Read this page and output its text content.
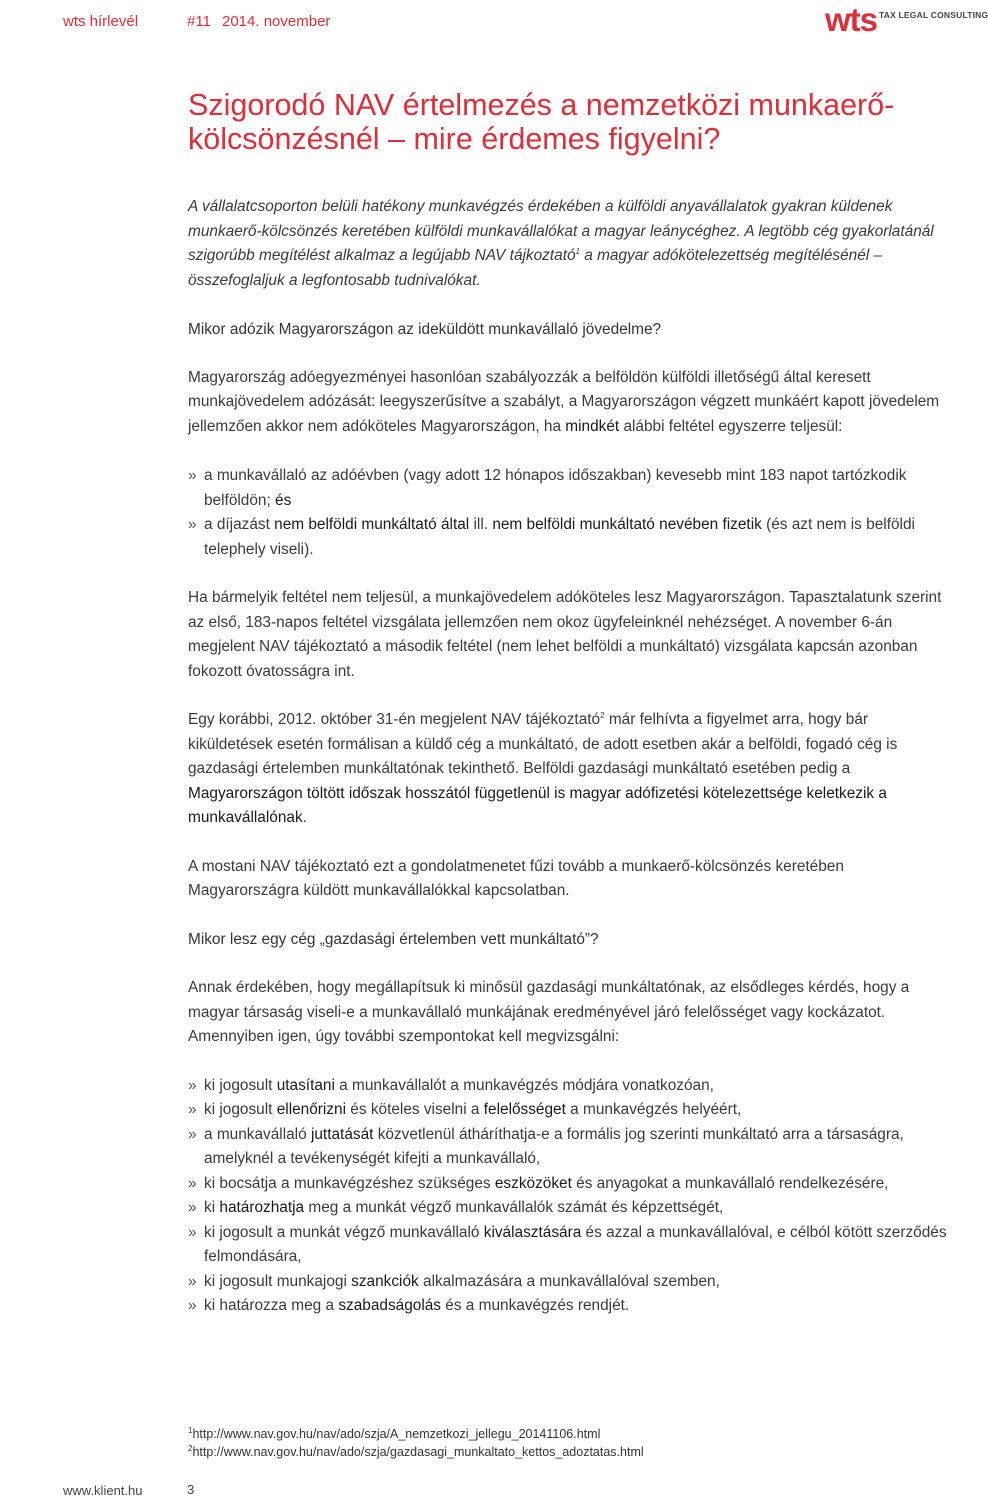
wts hírlevél	#11 2014. november	wts TAX LEGAL CONSULTING
Szigorodó NAV értelmezés a nemzetközi munkaerő-kölcsönzésnél – mire érdemes figyelni?

A vállalatcsoporton belüli hatékony munkavégzés érdekében a külföldi anyavállalatok gyakran küldenek munkaerő-kölcsönzés keretében külföldi munkavállalókat a magyar leánycéghez. A legtöbb cég gyakorlatánál szigorúbb megítélést alkalmaz a legújabb NAV tájkoztató$^1$ a magyar adókötelezettség megítélésénél – összefoglaljuk a legfontosabb tudnivalókat.

Mikor adózik Magyarországon az ideküldött munkavállaló jövedelme?

Magyarország adóegyezményei hasonlóan szabályozzák a belföldön külföldi illetőségű által keresett munkajövedelem adózását: leegyszerűsítve a szabályt, a Magyarországon végzett munkáért kapott jövedelem jellemzően akkor nem adóköteles Magyarországon, ha mindkét alábbi feltétel egyszerre teljesül:

» a munkavállaló az adóévben (vagy adott 12 hónapos időszakban) kevesebb mint 183 napot tartózkodik belföldön; és
» a díjazást nem belföldi munkáltató által ill. nem belföldi munkáltató nevében fizetik (és azt nem is belföldi telephely viseli).

Ha bármelyik feltétel nem teljesül, a munkajövedelem adóköteles lesz Magyarországon. Tapasztalatunk szerint az első, 183-napos feltétel vizsgálata jellemzően nem okoz ügyfeleinknél nehézséget. A november 6-án megjelent NAV tájékoztató a második feltétel (nem lehet belföldi a munkáltató) vizsgálata kapcsán azonban fokozott óvatosságra int.

Egy korábbi, 2012. október 31-én megjelent NAV tájékoztató$^2$ már felhívta a figyelmet arra, hogy bár kiküldetések esetén formálisan a küldő cég a munkáltató, de adott esetben akár a belföldi, fogadó cég is gazdasági értelemben munkáltatónak tekinthető. Belföldi gazdasági munkáltató esetében pedig a Magyarországon töltött időszak hosszától függetlenül is magyar adófizetési kötelezettsége keletkezik a munkavállalónak.

A mostani NAV tájékoztató ezt a gondolatmenetet fűzi tovább a munkaerő-kölcsönzés keretében Magyarországra küldött munkavállalókkal kapcsolatban.

Mikor lesz egy cég „gazdasági értelemben vett munkáltató”?

Annak érdekében, hogy megállapítsuk ki minősül gazdasági munkáltatónak, az elsődleges kérdés, hogy a magyar társaság viseli-e a munkavállaló munkájának eredményével járó felelősséget vagy kockázatot. Amennyiben igen, úgy további szempontokat kell megvizsgálni:

» ki jogosult utasítani a munkavállalót a munkavégzés módjára vonatkozóan,
» ki jogosult ellenőrizni és köteles viselni a felelősséget a munkavégzés helyéért,
» a munkavállaló juttatását közvetlenül átháríthatja-e a formális jog szerinti munkáltató arra a társaságra, amelyknél a tevékenységét kifejti a munkavállaló,
» ki bocsátja a munkavégzéshez szükséges eszközöket és anyagokat a munkavállaló rendelkezésére,
» ki határozhatja meg a munkát végző munkavállalók számát és képzettségét,
» ki jogosult a munkát végző munkavállaló kiválasztására és azzal a munkavállalóval, e célból kötött szerződés felmondására,
» ki jogosult munkajogi szankciók alkalmazására a munkavállalóval szemben,
» ki határozza meg a szabadságolás és a munkavégzés rendjét.

$^1$http://www.nav.gov.hu/nav/ado/szja/A_nemzetkozi_jellegu_20141106.html

$^2$http://www.nav.gov.hu/nav/ado/szja/gazdasagi_munkaltato_kettos_adoztatas.html

www.klient.hu	3
